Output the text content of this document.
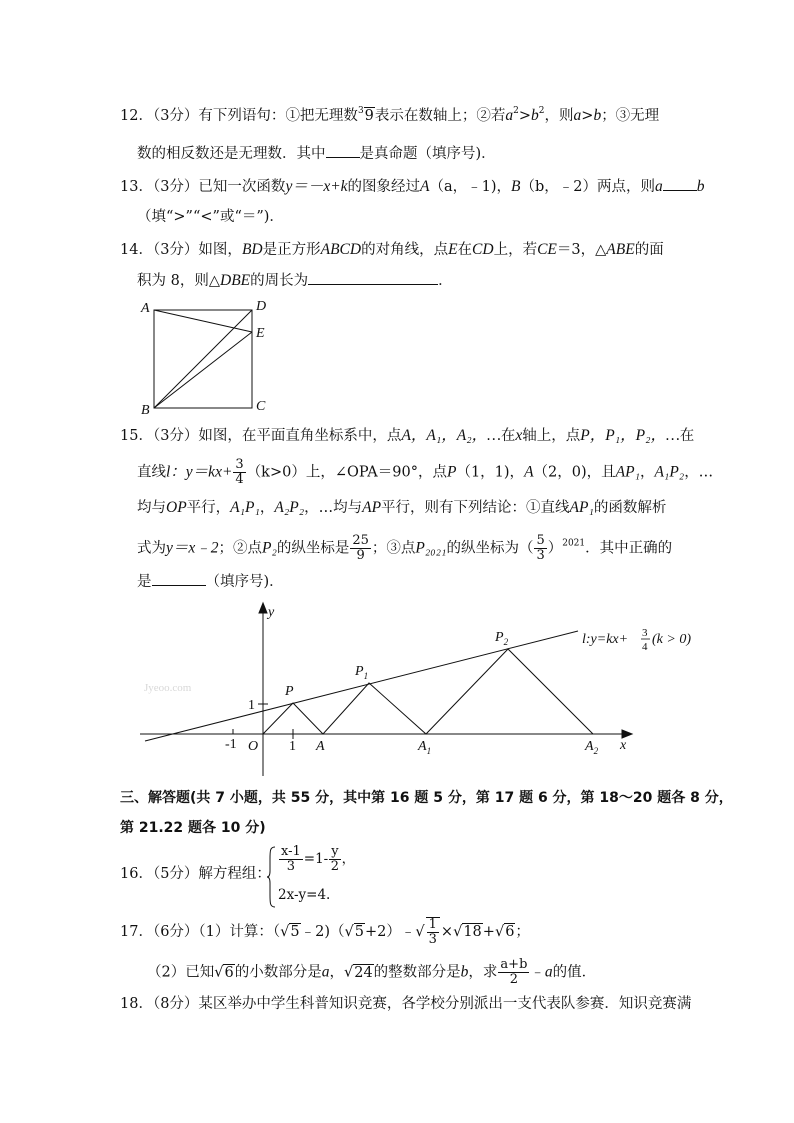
12．（3分）有下列语句：①把无理数$^3$9表示在数轴上；②若$a^2>b^2$，则a>b；③无理
数的相反数还是无理数．其中 是真命题（填序号)．
13．（3分）已知一次函数y＝－x+k的图象经过A（a，﹣1)，B（b，﹣2）两点，则a b
（填“>”“<”或“＝”)．
14．（3分）如图，BD是正方形ABCD的对角线，点E在CD上，若CE＝3，△ABE的面
积为 8，则△DBE的周长为	．
A	D
E
B	C
15．（3分）如图，在平面直角坐标系中，点A，A₁，A₂，…在x轴上，点P，P₁，P₂，…在
直线l：$y=kx+ \frac{3}{4} (k>0)$上，∠OPA＝90°，点P（1，1)，A（2，0)，且AP₁，A₁P₂，…
均与OP平行，A₁P₁，A₂P₂，…均与AP平行，则有下列结论：①直线AP₁的函数解析
式为y＝x﹣2；②点P₂的纵坐标是 $\frac{25}{9}$ ；③点P₂₀₂₁的纵坐标为（ $\frac{5}{3} )^{2021}$．其中正确的
是	（填序号)．
Jyeoo.com
y
x
O
1
-1	1 A	$A_1$	$A_2$
P
$P_1$
$P_2$	l:y=kx+ 3
4 (k > 0)
三、解答题(共 7 小题，共 55 分，其中第 16 题 5 分，第 17 题 6 分，第 18～20 题各 8 分，
第 21.22 题各 10 分)
16．（5分）解方程组： $\frac{x-1}{3} =1- \frac{y}{2}$ ，
2x-y=4.
17．（6分）（1）计算：（√5﹣2)（√5+2）﹣√ $\frac{1}{3} \times√18+√6$；
（2）已知√6的小数部分是a，√24的整数部分是b，求 $\frac{a+b}{2}$ ﹣a的值．
18．（8分）某区举办中学生科普知识竞赛，各学校分别派出一支代表队参赛．知识竞赛满
